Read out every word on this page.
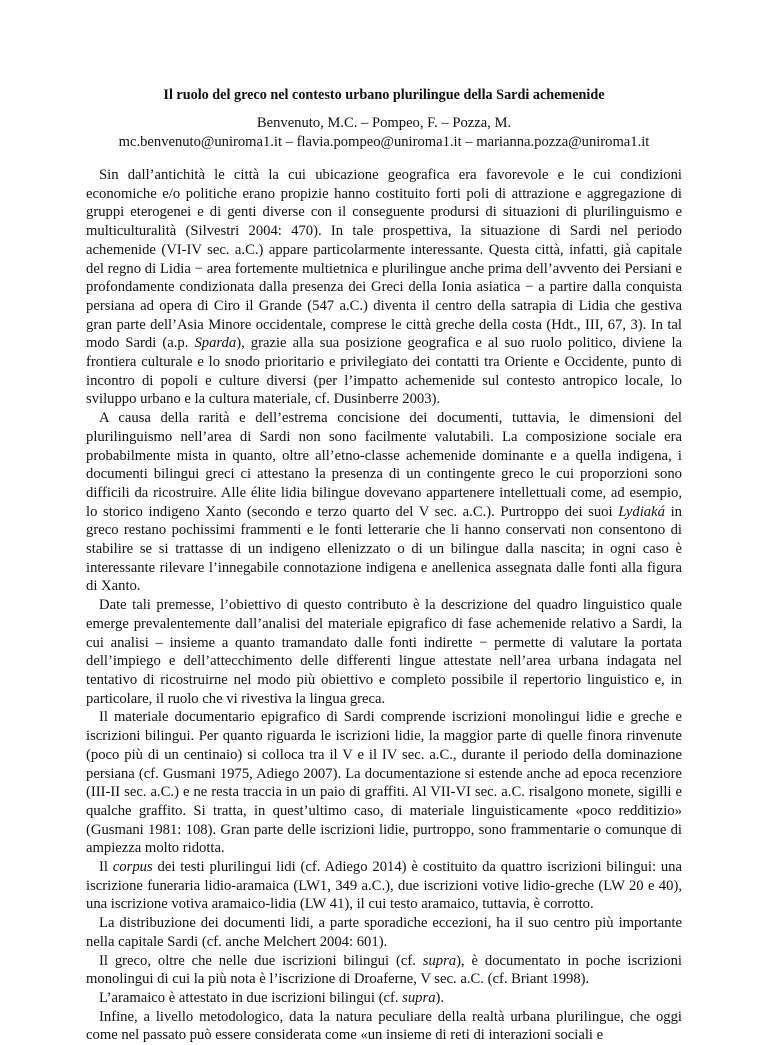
Il ruolo del greco nel contesto urbano plurilingue della Sardi achemenide
Benvenuto, M.C. – Pompeo, F. – Pozza, M.
mc.benvenuto@uniroma1.it – flavia.pompeo@uniroma1.it – marianna.pozza@uniroma1.it

Sin dall’antichità le città la cui ubicazione geografica era favorevole e le cui condizioni economiche e/o politiche erano propizie hanno costituito forti poli di attrazione e aggregazione di gruppi eterogenei e di genti diverse con il conseguente prodursi di situazioni di plurilinguismo e multiculturalità (Silvestri 2004: 470). In tale prospettiva, la situazione di Sardi nel periodo achemenide (VI-IV sec. a.C.) appare particolarmente interessante. Questa città, infatti, già capitale del regno di Lidia − area fortemente multietnica e plurilingue anche prima dell’avvento dei Persiani e profondamente condizionata dalla presenza dei Greci della Ionia asiatica − a partire dalla conquista persiana ad opera di Ciro il Grande (547 a.C.) diventa il centro della satrapia di Lidia che gestiva gran parte dell’Asia Minore occidentale, comprese le città greche della costa (Hdt., III, 67, 3). In tal modo Sardi (a.p. Sparda), grazie alla sua posizione geografica e al suo ruolo politico, diviene la frontiera culturale e lo snodo prioritario e privilegiato dei contatti tra Oriente e Occidente, punto di incontro di popoli e culture diversi (per l’impatto achemenide sul contesto antropico locale, lo sviluppo urbano e la cultura materiale, cf. Dusinberre 2003).

A causa della rarità e dell’estrema concisione dei documenti, tuttavia, le dimensioni del plurilinguismo nell’area di Sardi non sono facilmente valutabili. La composizione sociale era probabilmente mista in quanto, oltre all’etno-classe achemenide dominante e a quella indigena, i documenti bilingui greci ci attestano la presenza di un contingente greco le cui proporzioni sono difficili da ricostruire. Alle élite lidia bilingue dovevano appartenere intellettuali come, ad esempio, lo storico indigeno Xanto (secondo e terzo quarto del V sec. a.C.). Purtroppo dei suoi Lydiaká in greco restano pochissimi frammenti e le fonti letterarie che li hanno conservati non consentono di stabilire se si trattasse di un indigeno ellenizzato o di un bilingue dalla nascita; in ogni caso è interessante rilevare l’innegabile connotazione indigena e anellenica assegnata dalle fonti alla figura di Xanto.

Date tali premesse, l’obiettivo di questo contributo è la descrizione del quadro linguistico quale emerge prevalentemente dall’analisi del materiale epigrafico di fase achemenide relativo a Sardi, la cui analisi – insieme a quanto tramandato dalle fonti indirette − permette di valutare la portata dell’impiego e dell’attecchimento delle differenti lingue attestate nell’area urbana indagata nel tentativo di ricostruirne nel modo più obiettivo e completo possibile il repertorio linguistico e, in particolare, il ruolo che vi rivestiva la lingua greca.

Il materiale documentario epigrafico di Sardi comprende iscrizioni monolingui lidie e greche e iscrizioni bilingui. Per quanto riguarda le iscrizioni lidie, la maggior parte di quelle finora rinvenute (poco più di un centinaio) si colloca tra il V e il IV sec. a.C., durante il periodo della dominazione persiana (cf. Gusmani 1975, Adiego 2007). La documentazione si estende anche ad epoca recenziore (III-II sec. a.C.) e ne resta traccia in un paio di graffiti. Al VII-VI sec. a.C. risalgono monete, sigilli e qualche graffito. Si tratta, in quest’ultimo caso, di materiale linguisticamente «poco redditizio» (Gusmani 1981: 108). Gran parte delle iscrizioni lidie, purtroppo, sono frammentarie o comunque di ampiezza molto ridotta.

Il corpus dei testi plurilingui lidi (cf. Adiego 2014) è costituito da quattro iscrizioni bilingui: una iscrizione funeraria lidio-aramaica (LW1, 349 a.C.), due iscrizioni votive lidio-greche (LW 20 e 40), una iscrizione votiva aramaico-lidia (LW 41), il cui testo aramaico, tuttavia, è corrotto.

La distribuzione dei documenti lidi, a parte sporadiche eccezioni, ha il suo centro più importante nella capitale Sardi (cf. anche Melchert 2004: 601).

Il greco, oltre che nelle due iscrizioni bilingui (cf. supra), è documentato in poche iscrizioni monolingui di cui la più nota è l’iscrizione di Droaferne, V sec. a.C. (cf. Briant 1998).

L’aramaico è attestato in due iscrizioni bilingui (cf. supra).

Infine, a livello metodologico, data la natura peculiare della realtà urbana plurilingue, che oggi come nel passato può essere considerata come «un insieme di reti di interazioni sociali e
